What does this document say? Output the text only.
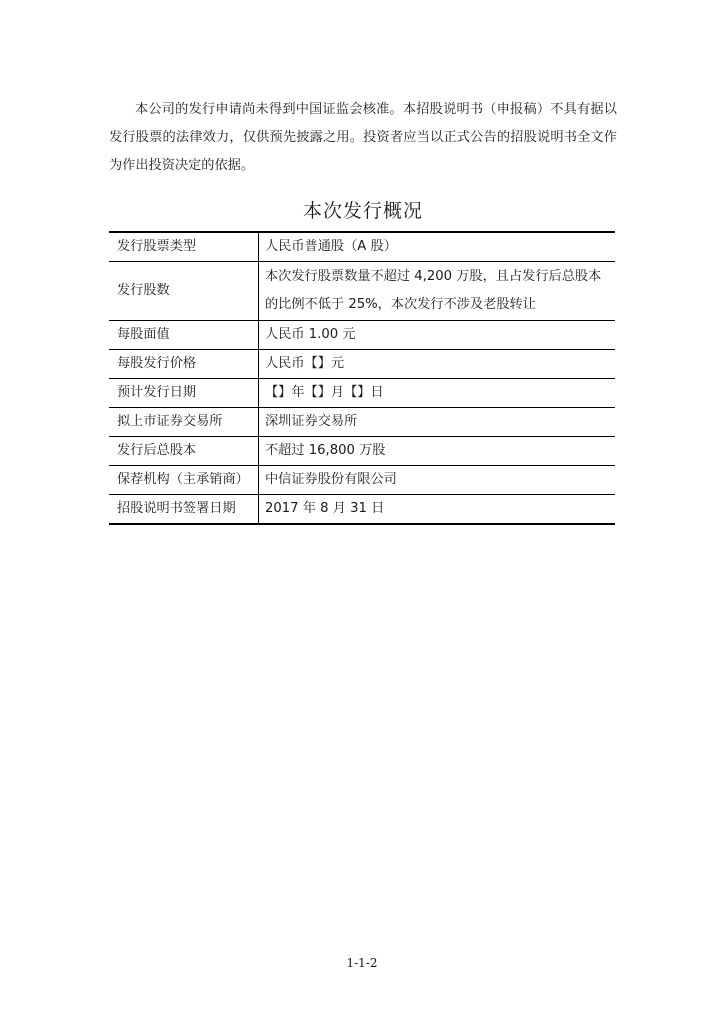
本公司的发行申请尚未得到中国证监会核准。本招股说明书（申报稿）不具有据以发行股票的法律效力，仅供预先披露之用。投资者应当以正式公告的招股说明书全文作为作出投资决定的依据。

本次发行概况
发行股票类型	人民币普通股（A 股）
发行股数	本次发行股票数量不超过 4,200 万股，且占发行后总股本的比例不低于 25%，本次发行不涉及老股转让
每股面值	人民币 1.00 元
每股发行价格	人民币【】元
预计发行日期	【】年【】月【】日
拟上市证券交易所	深圳证券交易所
发行后总股本	不超过 16,800 万股
保荐机构（主承销商）	中信证券股份有限公司
招股说明书签署日期	2017 年 8 月 31 日
1-1-2
